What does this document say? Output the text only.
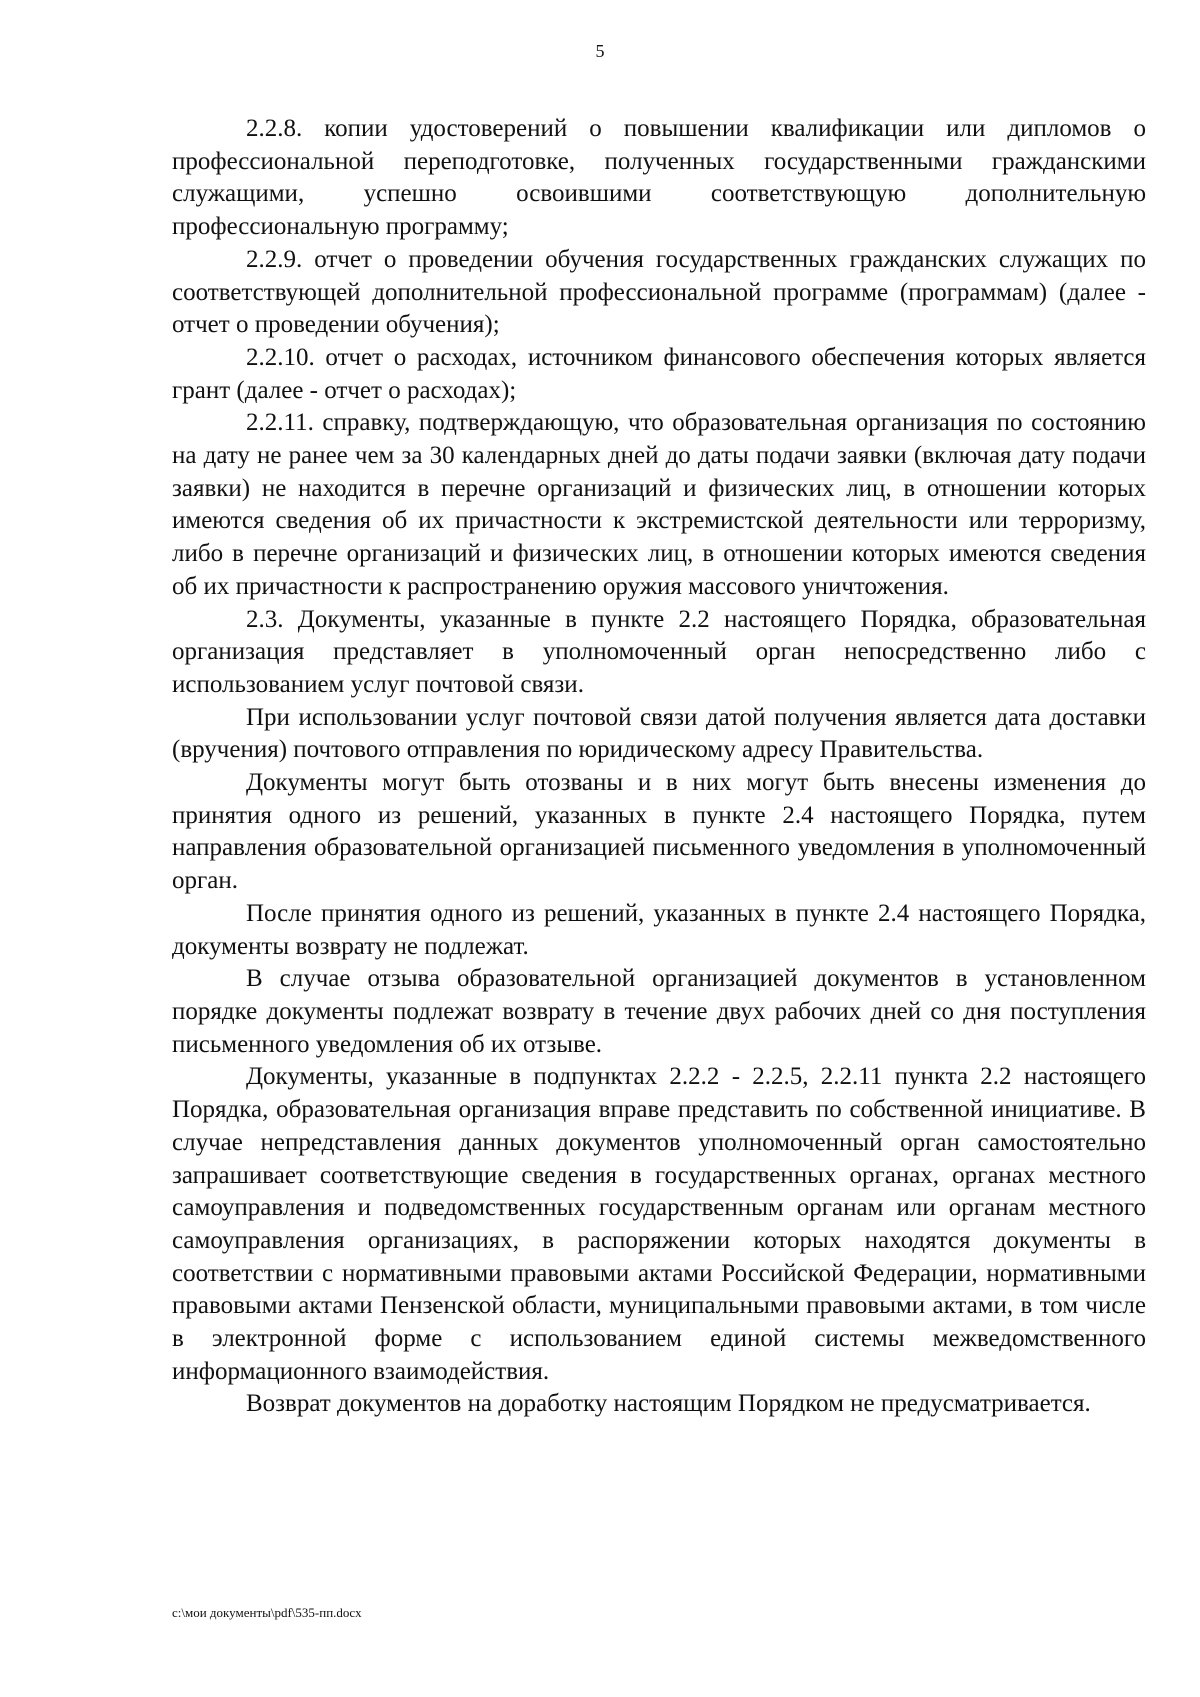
5

2.2.8. копии удостоверений о повышении квалификации или дипломов о профессиональной переподготовке, полученных государственными гражданскими служащими, успешно освоившими соответствующую дополнительную профессиональную программу;

2.2.9. отчет о проведении обучения государственных гражданских служащих по соответствующей дополнительной профессиональной программе (программам) (далее - отчет о проведении обучения);

2.2.10. отчет о расходах, источником финансового обеспечения которых является грант (далее - отчет о расходах);

2.2.11. справку, подтверждающую, что образовательная организация по состоянию на дату не ранее чем за 30 календарных дней до даты подачи заявки (включая дату подачи заявки) не находится в перечне организаций и физических лиц, в отношении которых имеются сведения об их причастности к экстремистской деятельности или терроризму, либо в перечне организаций и физических лиц, в отношении которых имеются сведения об их причастности к распространению оружия массового уничтожения.

2.3. Документы, указанные в пункте 2.2 настоящего Порядка, образовательная организация представляет в уполномоченный орган непосредственно либо с использованием услуг почтовой связи.

При использовании услуг почтовой связи датой получения является дата доставки (вручения) почтового отправления по юридическому адресу Правительства.

Документы могут быть отозваны и в них могут быть внесены изменения до принятия одного из решений, указанных в пункте 2.4 настоящего Порядка, путем направления образовательной организацией письменного уведомления в уполномоченный орган.

После принятия одного из решений, указанных в пункте 2.4 настоящего Порядка, документы возврату не подлежат.

В случае отзыва образовательной организацией документов в установленном порядке документы подлежат возврату в течение двух рабочих дней со дня поступления письменного уведомления об их отзыве.

Документы, указанные в подпунктах 2.2.2 - 2.2.5, 2.2.11 пункта 2.2 настоящего Порядка, образовательная организация вправе представить по собственной инициативе. В случае непредставления данных документов уполномоченный орган самостоятельно запрашивает соответствующие сведения в государственных органах, органах местного самоуправления и подведомственных государственным органам или органам местного самоуправления организациях, в распоряжении которых находятся документы в соответствии с нормативными правовыми актами Российской Федерации, нормативными правовыми актами Пензенской области, муниципальными правовыми актами, в том числе в электронной форме с использованием единой системы межведомственного информационного взаимодействия.

Возврат документов на доработку настоящим Порядком не предусматривается.

c:\мои документы\pdf\535-пп.docx
